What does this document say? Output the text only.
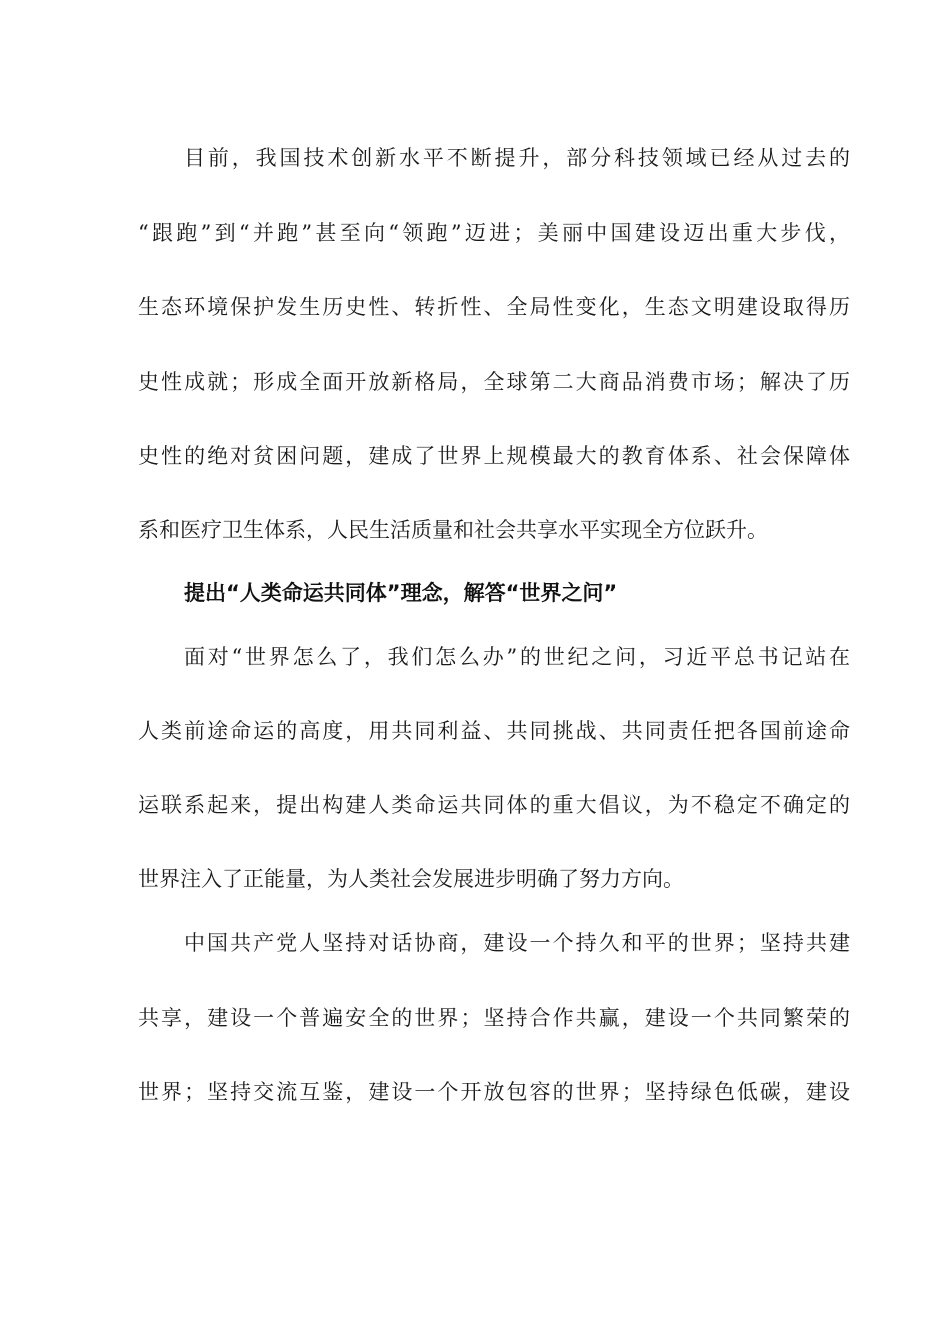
目前，我国技术创新水平不断提升，部分科技领域已经从过去的
“跟跑”到“并跑”甚至向“领跑”迈进；美丽中国建设迈出重大步伐，
生态环境保护发生历史性、转折性、全局性变化，生态文明建设取得历
史性成就；形成全面开放新格局，全球第二大商品消费市场；解决了历
史性的绝对贫困问题，建成了世界上规模最大的教育体系、社会保障体
系和医疗卫生体系，人民生活质量和社会共享水平实现全方位跃升。
提出“人类命运共同体”理念，解答“世界之问”
面对“世界怎么了，我们怎么办”的世纪之问，习近平总书记站在
人类前途命运的高度，用共同利益、共同挑战、共同责任把各国前途命
运联系起来，提出构建人类命运共同体的重大倡议，为不稳定不确定的
世界注入了正能量，为人类社会发展进步明确了努力方向。
中国共产党人坚持对话协商，建设一个持久和平的世界；坚持共建
共享，建设一个普遍安全的世界；坚持合作共赢，建设一个共同繁荣的
世界；坚持交流互鉴，建设一个开放包容的世界；坚持绿色低碳，建设
